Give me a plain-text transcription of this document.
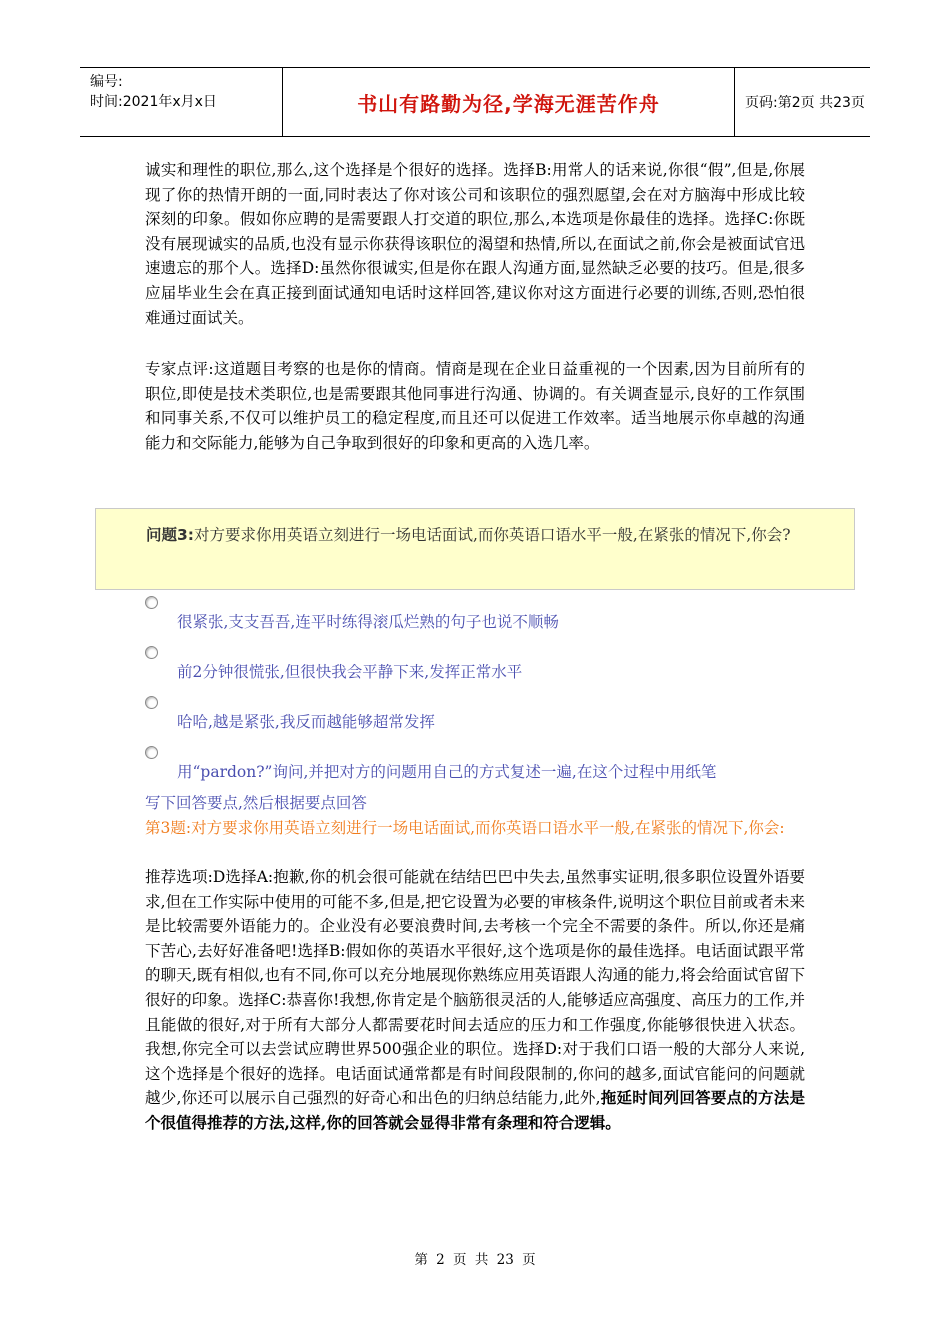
编号:
时间:2021年x月x日	书山有路勤为径,学海无涯苦作舟	页码:第2页 共23页

诚实和理性的职位,那么,这个选择是个很好的选择。选择B:用常人的话来说,你很“假”,但是,你展现了你的热情开朗的一面,同时表达了你对该公司和该职位的强烈愿望,会在对方脑海中形成比较深刻的印象。假如你应聘的是需要跟人打交道的职位,那么,本选项是你最佳的选择。选择C:你既没有展现诚实的品质,也没有显示你获得该职位的渴望和热情,所以,在面试之前,你会是被面试官迅速遗忘的那个人。选择D:虽然你很诚实,但是你在跟人沟通方面,显然缺乏必要的技巧。但是,很多应届毕业生会在真正接到面试通知电话时这样回答,建议你对这方面进行必要的训练,否则,恐怕很难通过面试关。

专家点评:这道题目考察的也是你的情商。情商是现在企业日益重视的一个因素,因为目前所有的职位,即使是技术类职位,也是需要跟其他同事进行沟通、协调的。有关调查显示,良好的工作氛围和同事关系,不仅可以维护员工的稳定程度,而且还可以促进工作效率。适当地展示你卓越的沟通能力和交际能力,能够为自己争取到很好的印象和更高的入选几率。

问题3:对方要求你用英语立刻进行一场电话面试,而你英语口语水平一般,在紧张的情况下,你会?
很紧张,支支吾吾,连平时练得滚瓜烂熟的句子也说不顺畅
前2分钟很慌张,但很快我会平静下来,发挥正常水平
哈哈,越是紧张,我反而越能够超常发挥
用“pardon?”询问,并把对方的问题用自己的方式复述一遍,在这个过程中用纸笔
写下回答要点,然后根据要点回答

第3题:对方要求你用英语立刻进行一场电话面试,而你英语口语水平一般,在紧张的情况下,你会:

推荐选项:D选择A:抱歉,你的机会很可能就在结结巴巴中失去,虽然事实证明,很多职位设置外语要求,但在工作实际中使用的可能不多,但是,把它设置为必要的审核条件,说明这个职位目前或者未来是比较需要外语能力的。企业没有必要浪费时间,去考核一个完全不需要的条件。所以,你还是痛下苦心,去好好准备吧!选择B:假如你的英语水平很好,这个选项是你的最佳选择。电话面试跟平常的聊天,既有相似,也有不同,你可以充分地展现你熟练应用英语跟人沟通的能力,将会给面试官留下很好的印象。选择C:恭喜你!我想,你肯定是个脑筋很灵活的人,能够适应高强度、高压力的工作,并且能做的很好,对于所有大部分人都需要花时间去适应的压力和工作强度,你能够很快进入状态。我想,你完全可以去尝试应聘世界500强企业的职位。选择D:对于我们口语一般的大部分人来说,这个选择是个很好的选择。电话面试通常都是有时间段限制的,你问的越多,面试官能问的问题就越少,你还可以展示自己强烈的好奇心和出色的归纳总结能力,此外,拖延时间列回答要点的方法是个很值得推荐的方法,这样,你的回答就会显得非常有条理和符合逻辑。

第 2 页 共 23 页
